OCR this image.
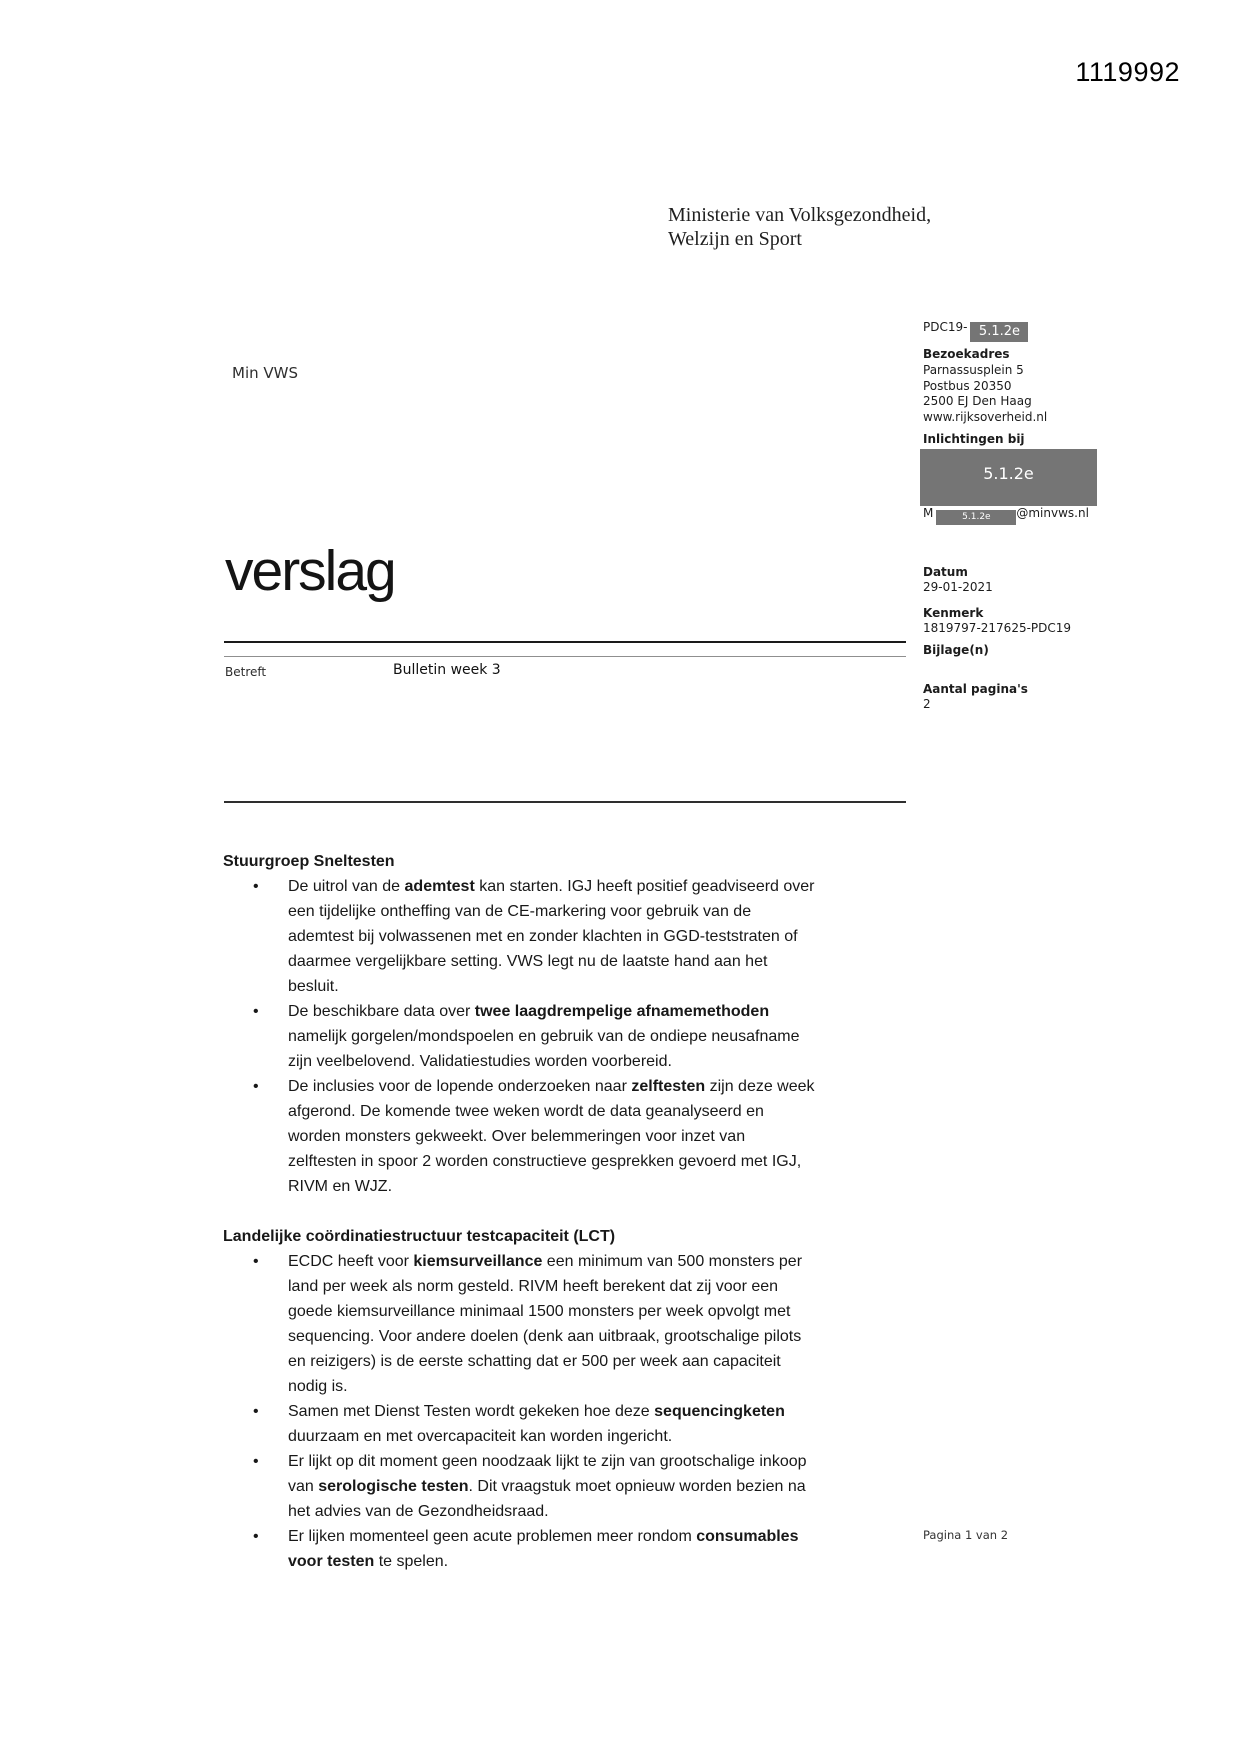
1119992
Ministerie van Volksgezondheid,
Welzijn en Sport
Min VWS
verslag
Betreft	Bulletin week 3
Stuurgroep Sneltesten
• De uitrol van de ademtest kan starten. IGJ heeft positief geadviseerd over een tijdelijke ontheffing van de CE-markering voor gebruik van de ademtest bij volwassenen met en zonder klachten in GGD-teststraten of daarmee vergelijkbare setting. VWS legt nu de laatste hand aan het besluit.
• De beschikbare data over twee laagdrempelige afnamemethoden namelijk gorgelen/mondspoelen en gebruik van de ondiepe neusafname zijn veelbelovend. Validatiestudies worden voorbereid.
• De inclusies voor de lopende onderzoeken naar zelftesten zijn deze week afgerond. De komende twee weken wordt de data geanalyseerd en worden monsters gekweekt. Over belemmeringen voor inzet van zelftesten in spoor 2 worden constructieve gesprekken gevoerd met IGJ, RIVM en WJZ.
Landelijke coördinatiestructuur testcapaciteit (LCT)
• ECDC heeft voor kiemsurveillance een minimum van 500 monsters per land per week als norm gesteld. RIVM heeft berekent dat zij voor een goede kiemsurveillance minimaal 1500 monsters per week opvolgt met sequencing. Voor andere doelen (denk aan uitbraak, grootschalige pilots en reizigers) is de eerste schatting dat er 500 per week aan capaciteit nodig is.
• Samen met Dienst Testen wordt gekeken hoe deze sequencingketen duurzaam en met overcapaciteit kan worden ingericht.
• Er lijkt op dit moment geen noodzaak lijkt te zijn van grootschalige inkoop van serologische testen. Dit vraagstuk moet opnieuw worden bezien na het advies van de Gezondheidsraad.
• Er lijken momenteel geen acute problemen meer rondom consumables voor testen te spelen.
PDC19- 5.1.2e
Bezoekadres
Parnassusplein 5
Postbus 20350
2500 EJ Den Haag
www.rijksoverheid.nl
Inlichtingen bij
5.1.2e
M	5.1.2e @minvws.nl
Datum
29-01-2021
Kenmerk
1819797-217625-PDC19
Bijlage(n)
Aantal pagina's
2
Pagina 1 van 2
